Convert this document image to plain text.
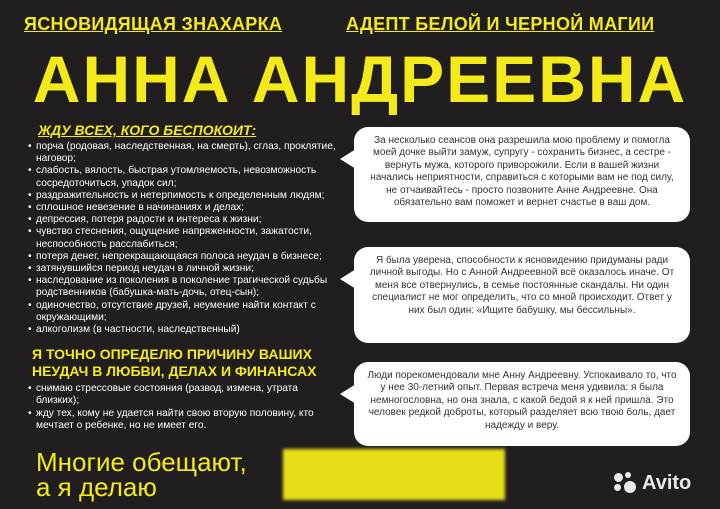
ЯСНОВИДЯЩАЯ ЗНАХАРКА	АДЕПТ БЕЛОЙ И ЧЕРНОЙ МАГИИ
АННА АНДРЕЕВНА
ЖДУ ВСЕХ, КОГО БЕСПОКОИТ:
• порча (родовая, наследственная, на смерть), сглаз, проклятие, наговор;
• слабость, вялость, быстрая утомляемость, невозможность сосредоточиться, упадок сил;
• раздражительность и нетерпимость к определенным людям;
• сплошное невезение в начинаниях и делах;
• депрессия, потеря радости и интереса к жизни;
• чувство стеснения, ощущение напряженности, зажатости, неспособность расслабиться;
• потеря денег, непрекращающаяся полоса неудач в бизнесе;
• затянувшийся период неудач в личной жизни;
• наследование из поколения в поколение трагической судьбы родственников (бабушка-мать-дочь, отец-сын);
• одиночество, отсутствие друзей, неумение найти контакт с окружающими;
• алкоголизм (в частности, наследственный)
Я ТОЧНО ОПРЕДЕЛЮ ПРИЧИНУ ВАШИХ НЕУДАЧ В ЛЮБВИ, ДЕЛАХ И ФИНАНСАХ
• снимаю стрессовые состояния (развод, измена, утрата близких);
• жду тех, кому не удается найти свою вторую половину, кто мечтает о ребенке, но не имеет его.
Многие обещают,
а я делаю
За несколько сеансов она разрешила мою проблему и помогла моей дочке выйти замуж, супругу - сохранить бизнес, а сестре - вернуть мужа, которого приворожили. Если в вашей жизни начались неприятности, справиться с которыми вам не под силу, не отчаивайтесь - просто позвоните Анне Андреевне. Она обязательно вам поможет и вернет счастье в ваш дом.
Я была уверена, способности к ясновидению придуманы ради личной выгоды. Но с Анной Андреевной всё оказалось иначе. От меня все отвернулись, в семье постоянные скандалы. Ни один специалист не мог определить, что со мной происходит. Ответ у них был один: «Ищите бабушку, мы бессильны».
Люди порекомендовали мне Анну Андреевну. Успокаивало то, что у нее 30-летний опыт. Первая встреча меня удивила: я была немногословна, но она знала, с какой бедой я к ней пришла. Это человек редкой доброты, который разделяет всю твою боль, дает надежду и веру.
Avito
